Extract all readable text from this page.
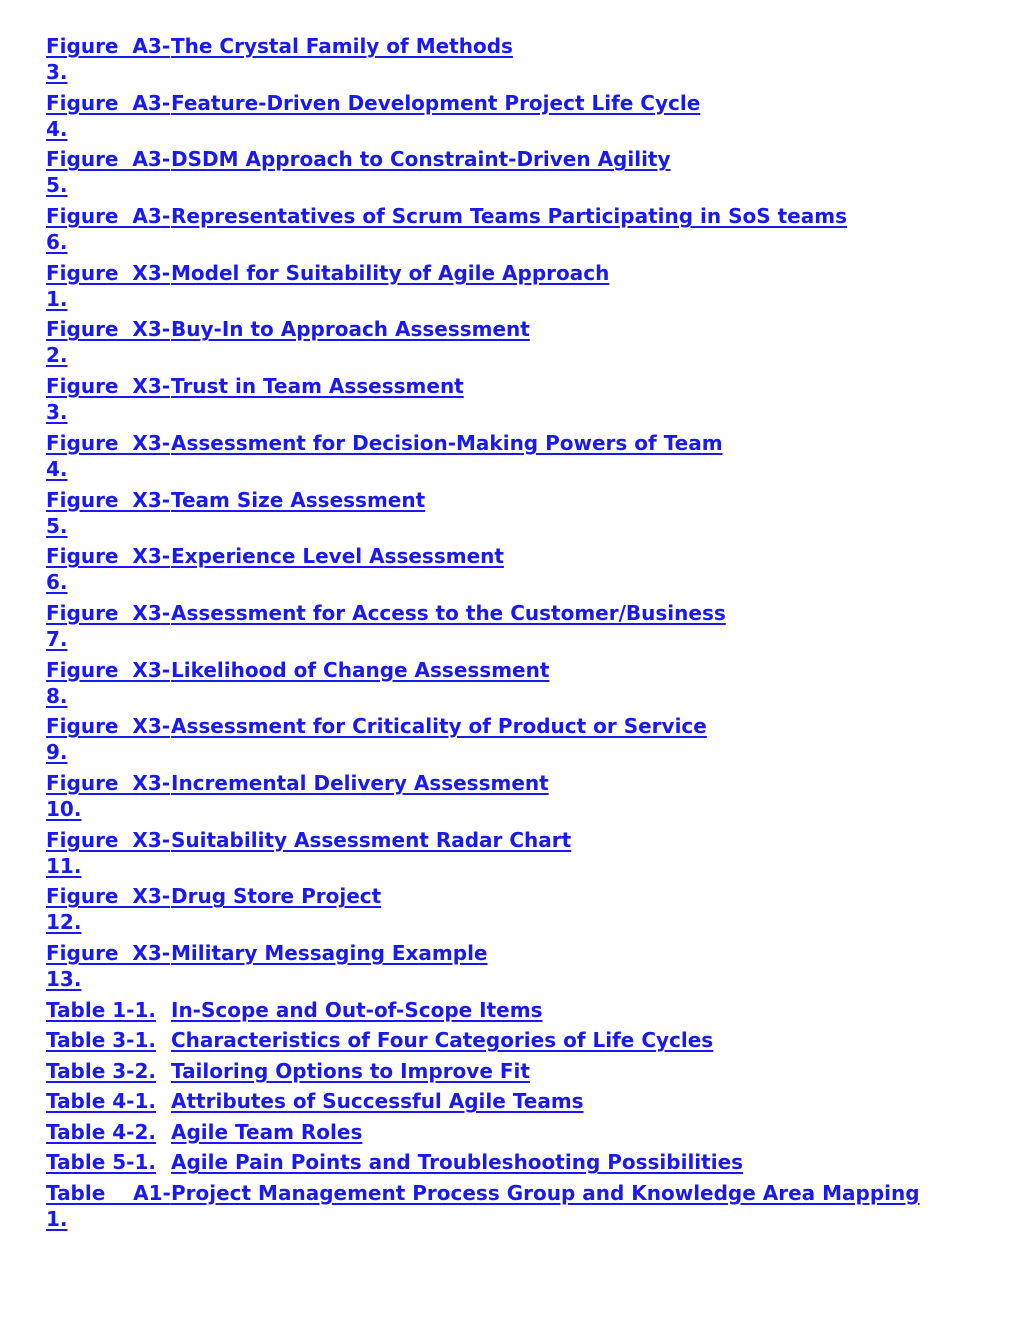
Figure  A3-
3.
The Crystal Family of Methods
Figure  A3-
4.
Feature-Driven Development Project Life Cycle
Figure  A3-
5.
DSDM Approach to Constraint-Driven Agility
Figure  A3-
6.
Representatives of Scrum Teams Participating in SoS teams
Figure  X3-
1.
Model for Suitability of Agile Approach
Figure  X3-
2.
Buy-In to Approach Assessment
Figure  X3-
3.
Trust in Team Assessment
Figure  X3-
4.
Assessment for Decision-Making Powers of Team
Figure  X3-
5.
Team Size Assessment
Figure  X3-
6.
Experience Level Assessment
Figure  X3-
7.
Assessment for Access to the Customer/Business
Figure  X3-
8.
Likelihood of Change Assessment
Figure  X3-
9.
Assessment for Criticality of Product or Service
Figure  X3-
10.
Incremental Delivery Assessment
Figure  X3-
11.
Suitability Assessment Radar Chart
Figure  X3-
12.
Drug Store Project
Figure  X3-
13.
Military Messaging Example
Table 1-1. In-Scope and Out-of-Scope Items
Table 3-1. Characteristics of Four Categories of Life Cycles
Table 3-2. Tailoring Options to Improve Fit
Table 4-1. Attributes of Successful Agile Teams
Table 4-2. Agile Team Roles
Table 5-1. Agile Pain Points and Troubleshooting Possibilities
Table    A1-
1.
Project Management Process Group and Knowledge Area Mapping
